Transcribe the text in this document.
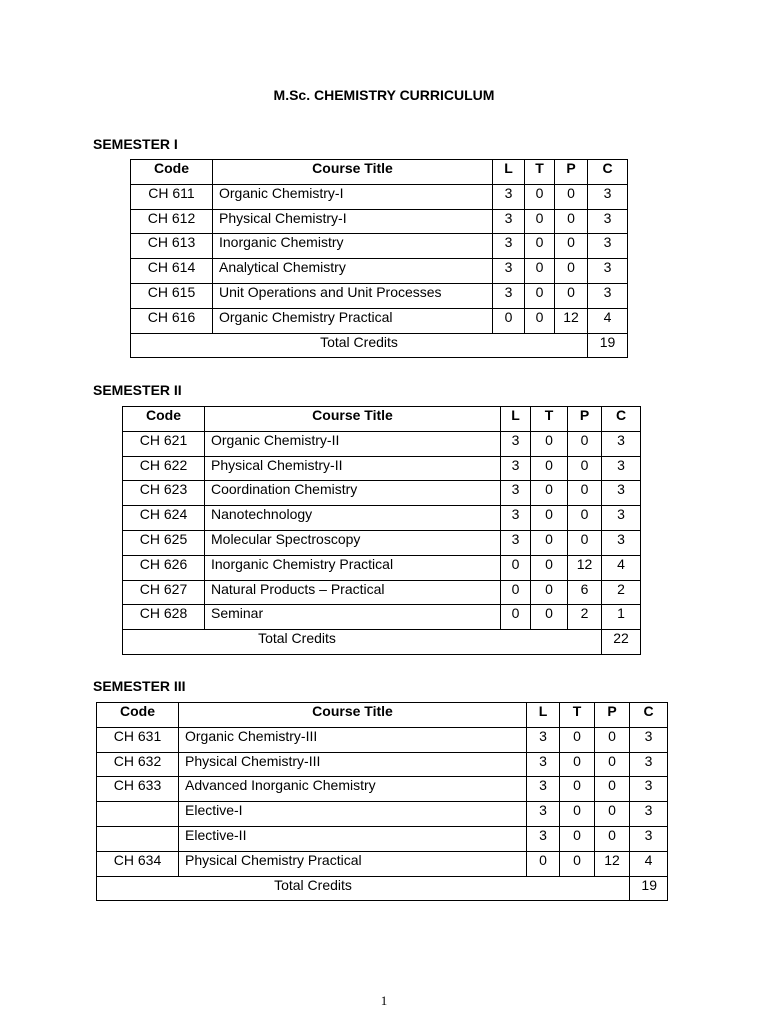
M.Sc. CHEMISTRY CURRICULUM
SEMESTER I
Code	Course Title	L	T	P	C
CH 611	Organic Chemistry-I	3	0	0	3
CH 612	Physical Chemistry-I	3	0	0	3
CH 613	Inorganic Chemistry	3	0	0	3
CH 614	Analytical Chemistry	3	0	0	3
CH 615	Unit Operations and Unit Processes	3	0	0	3
CH 616	Organic Chemistry Practical	0	0	12	4
Total Credits					19
SEMESTER II
Code	Course Title	L	T	P	C
CH 621	Organic Chemistry-II	3	0	0	3
CH 622	Physical Chemistry-II	3	0	0	3
CH 623	Coordination Chemistry	3	0	0	3
CH 624	Nanotechnology	3	0	0	3
CH 625	Molecular Spectroscopy	3	0	0	3
CH 626	Inorganic Chemistry Practical	0	0	12	4
CH 627	Natural Products – Practical	0	0	6	2
CH 628	Seminar	0	0	2	1
Total Credits					22
SEMESTER III
Code	Course Title	L	T	P	C
CH 631	Organic Chemistry-III	3	0	0	3
CH 632	Physical Chemistry-III	3	0	0	3
CH 633	Advanced Inorganic Chemistry	3	0	0	3
	Elective-I	3	0	0	3
	Elective-II	3	0	0	3
CH 634	Physical Chemistry Practical	0	0	12	4
Total Credits					19
1
